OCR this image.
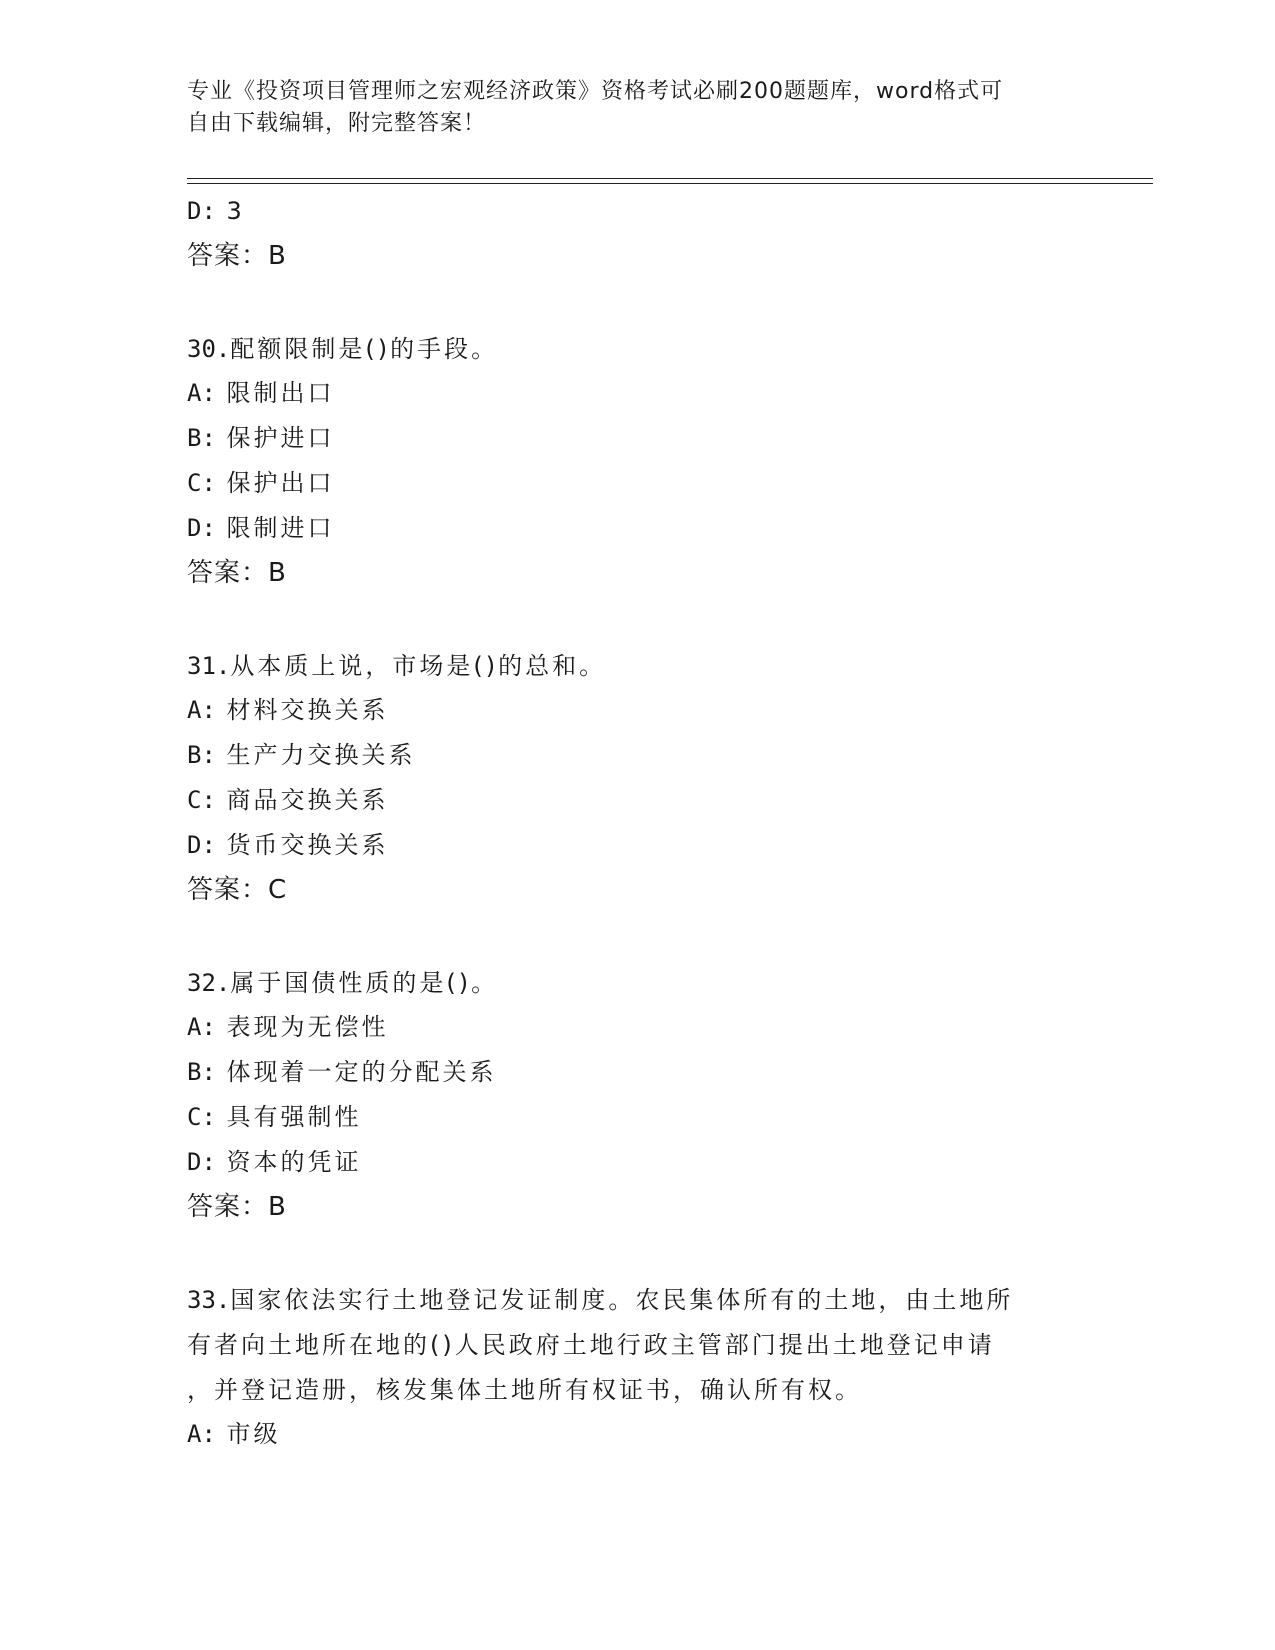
专业《投资项目管理师之宏观经济政策》资格考试必刷200题题库，word格式可
自由下载编辑，附完整答案！
D: 3
答案：B
30.配额限制是()的手段。
A: 限制出口
B: 保护进口
C: 保护出口
D: 限制进口
答案：B
31.从本质上说，市场是()的总和。
A: 材料交换关系
B: 生产力交换关系
C: 商品交换关系
D: 货币交换关系
答案：C
32.属于国债性质的是()。
A: 表现为无偿性
B: 体现着一定的分配关系
C: 具有强制性
D: 资本的凭证
答案：B
33.国家依法实行土地登记发证制度。农民集体所有的土地，由土地所
有者向土地所在地的()人民政府土地行政主管部门提出土地登记申请
，并登记造册，核发集体土地所有权证书，确认所有权。
A: 市级
